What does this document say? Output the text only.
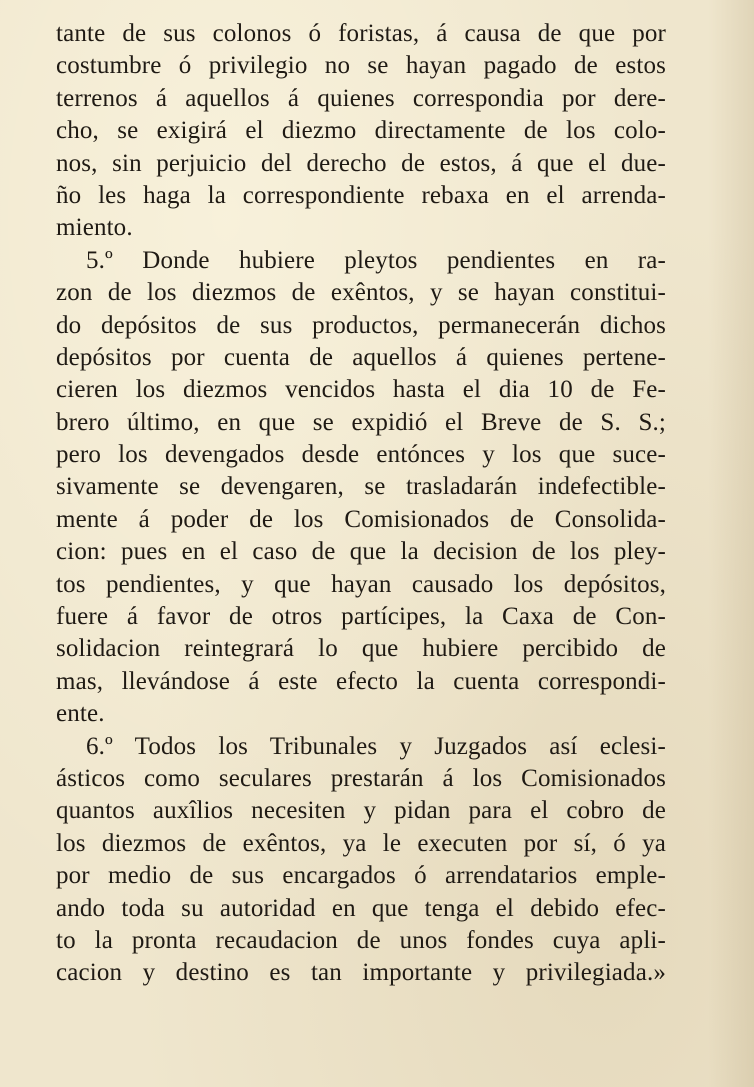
tante de sus colonos ó foristas, á causa de que por
costumbre ó privilegio no se hayan pagado de estos
terrenos á aquellos á quienes correspondia por dere-
cho, se exigirá el diezmo directamente de los colo-
nos, sin perjuicio del derecho de estos, á que el due-
ño les haga la correspondiente rebaxa en el arrenda-
miento.
5.º Donde hubiere pleytos pendientes en ra-
zon de los diezmos de exêntos, y se hayan constitui-
do depósitos de sus productos, permanecerán dichos
depósitos por cuenta de aquellos á quienes pertene-
cieren los diezmos vencidos hasta el dia 10 de Fe-
brero último, en que se expidió el Breve de S. S.;
pero los devengados desde entónces y los que suce-
sivamente se devengaren, se trasladarán indefectible-
mente á poder de los Comisionados de Consolida-
cion: pues en el caso de que la decision de los pley-
tos pendientes, y que hayan causado los depósitos,
fuere á favor de otros partícipes, la Caxa de Con-
solidacion reintegrará lo que hubiere percibido de
mas, llevándose á este efecto la cuenta correspondi-
ente.
6.º Todos los Tribunales y Juzgados así eclesi-
ásticos como seculares prestarán á los Comisionados
quantos auxîlios necesiten y pidan para el cobro de
los diezmos de exêntos, ya le executen por sí, ó ya
por medio de sus encargados ó arrendatarios emple-
ando toda su autoridad en que tenga el debido efec-
to la pronta recaudacion de unos fondes cuya apli-
cacion y destino es tan importante y privilegiada.»
